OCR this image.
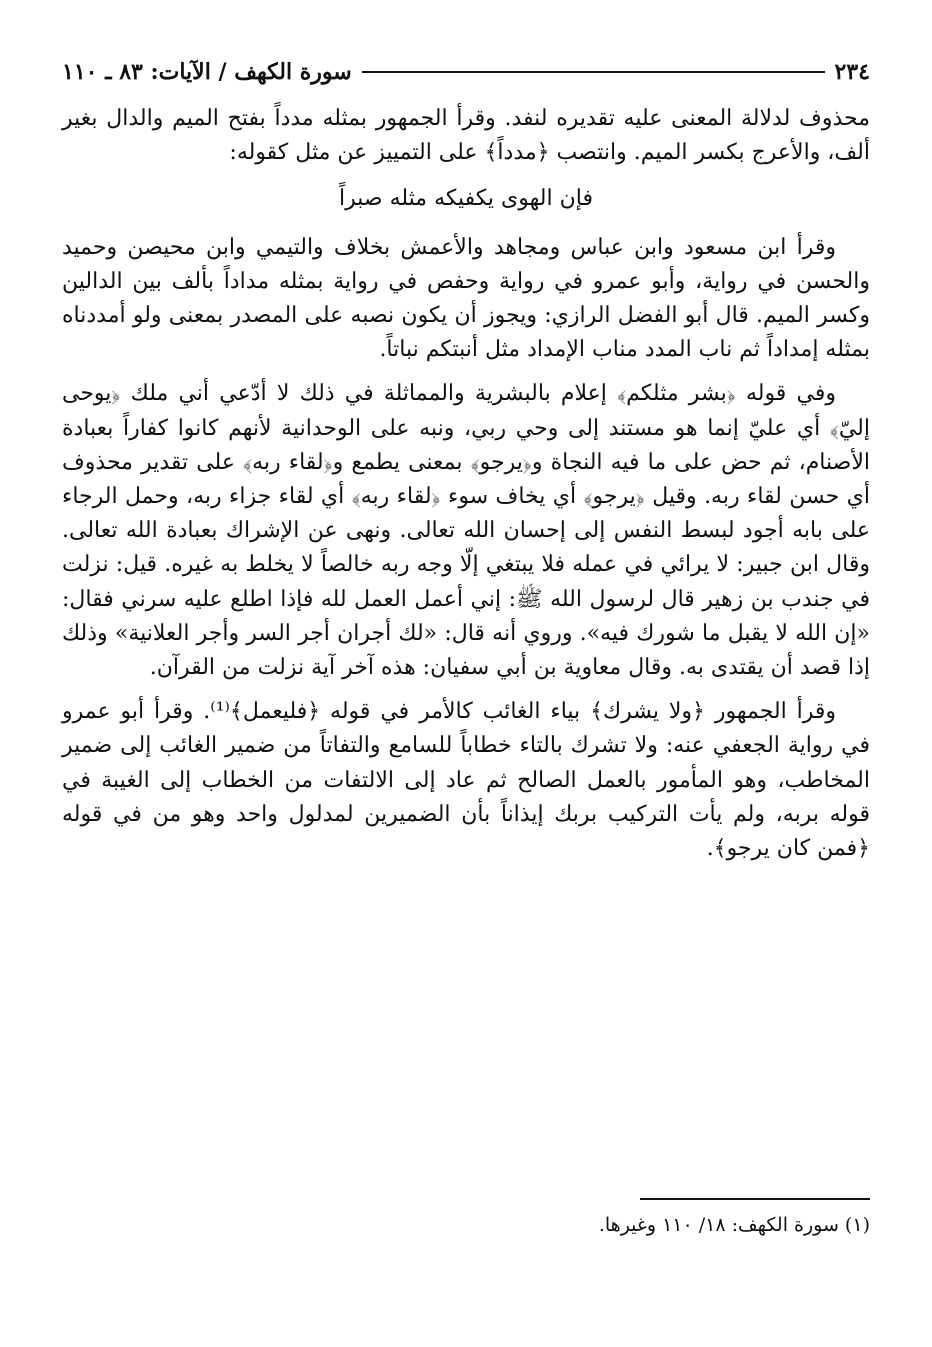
٢٣٤
سورة الكهف / الآيات: ٨٣ ـ ١١٠

محذوف لدلالة المعنى عليه تقديره لنفد. وقرأ الجمهور بمثله مدداً بفتح الميم والدال بغير ألف، والأعرج بكسر الميم. وانتصب ﴿مدداً﴾ على التمييز عن مثل كقوله:

فإن الهوى يكفيكه مثله صبراً

وقرأ ابن مسعود وابن عباس ومجاهد والأعمش بخلاف والتيمي وابن محيصن وحميد والحسن في رواية، وأبو عمرو في رواية وحفص في رواية بمثله مداداً بألف بين الدالين وكسر الميم. قال أبو الفضل الرازي: ويجوز أن يكون نصبه على المصدر بمعنى ولو أمددناه بمثله إمداداً ثم ناب المدد مناب الإمداد مثل أنبتكم نباتاً.

وفي قوله ﴿بشر مثلكم﴾ إعلام بالبشرية والمماثلة في ذلك لا أدّعي أني ملك ﴿يوحى إليّ﴾ أي عليّ إنما هو مستند إلى وحي ربي، ونبه على الوحدانية لأنهم كانوا كفاراً بعبادة الأصنام، ثم حض على ما فيه النجاة و﴿يرجو﴾ بمعنى يطمع و﴿لقاء ربه﴾ على تقدير محذوف أي حسن لقاء ربه. وقيل ﴿يرجو﴾ أي يخاف سوء ﴿لقاء ربه﴾ أي لقاء جزاء ربه، وحمل الرجاء على بابه أجود لبسط النفس إلى إحسان الله تعالى. ونهى عن الإشراك بعبادة الله تعالى. وقال ابن جبير: لا يرائي في عمله فلا يبتغي إلّا وجه ربه خالصاً لا يخلط به غيره. قيل: نزلت في جندب بن زهير قال لرسول الله ﷺ: إني أعمل العمل لله فإذا اطلع عليه سرني فقال: «إن الله لا يقبل ما شورك فيه». وروي أنه قال: «لك أجران أجر السر وأجر العلانية» وذلك إذا قصد أن يقتدى به. وقال معاوية بن أبي سفيان: هذه آخر آية نزلت من القرآن.

وقرأ الجمهور ﴿ولا يشرك﴾ بياء الغائب كالأمر في قوله ﴿فليعمل﴾⁽¹⁾. وقرأ أبو عمرو في رواية الجعفي عنه: ولا تشرك بالتاء خطاباً للسامع والتفاتاً من ضمير الغائب إلى ضمير المخاطب، وهو المأمور بالعمل الصالح ثم عاد إلى الالتفات من الخطاب إلى الغيبة في قوله بربه، ولم يأت التركيب بربك إيذاناً بأن الضميرين لمدلول واحد وهو من في قوله ﴿فمن كان يرجو﴾.

(١) سورة الكهف: ١٨/ ١١٠ وغيرها.
